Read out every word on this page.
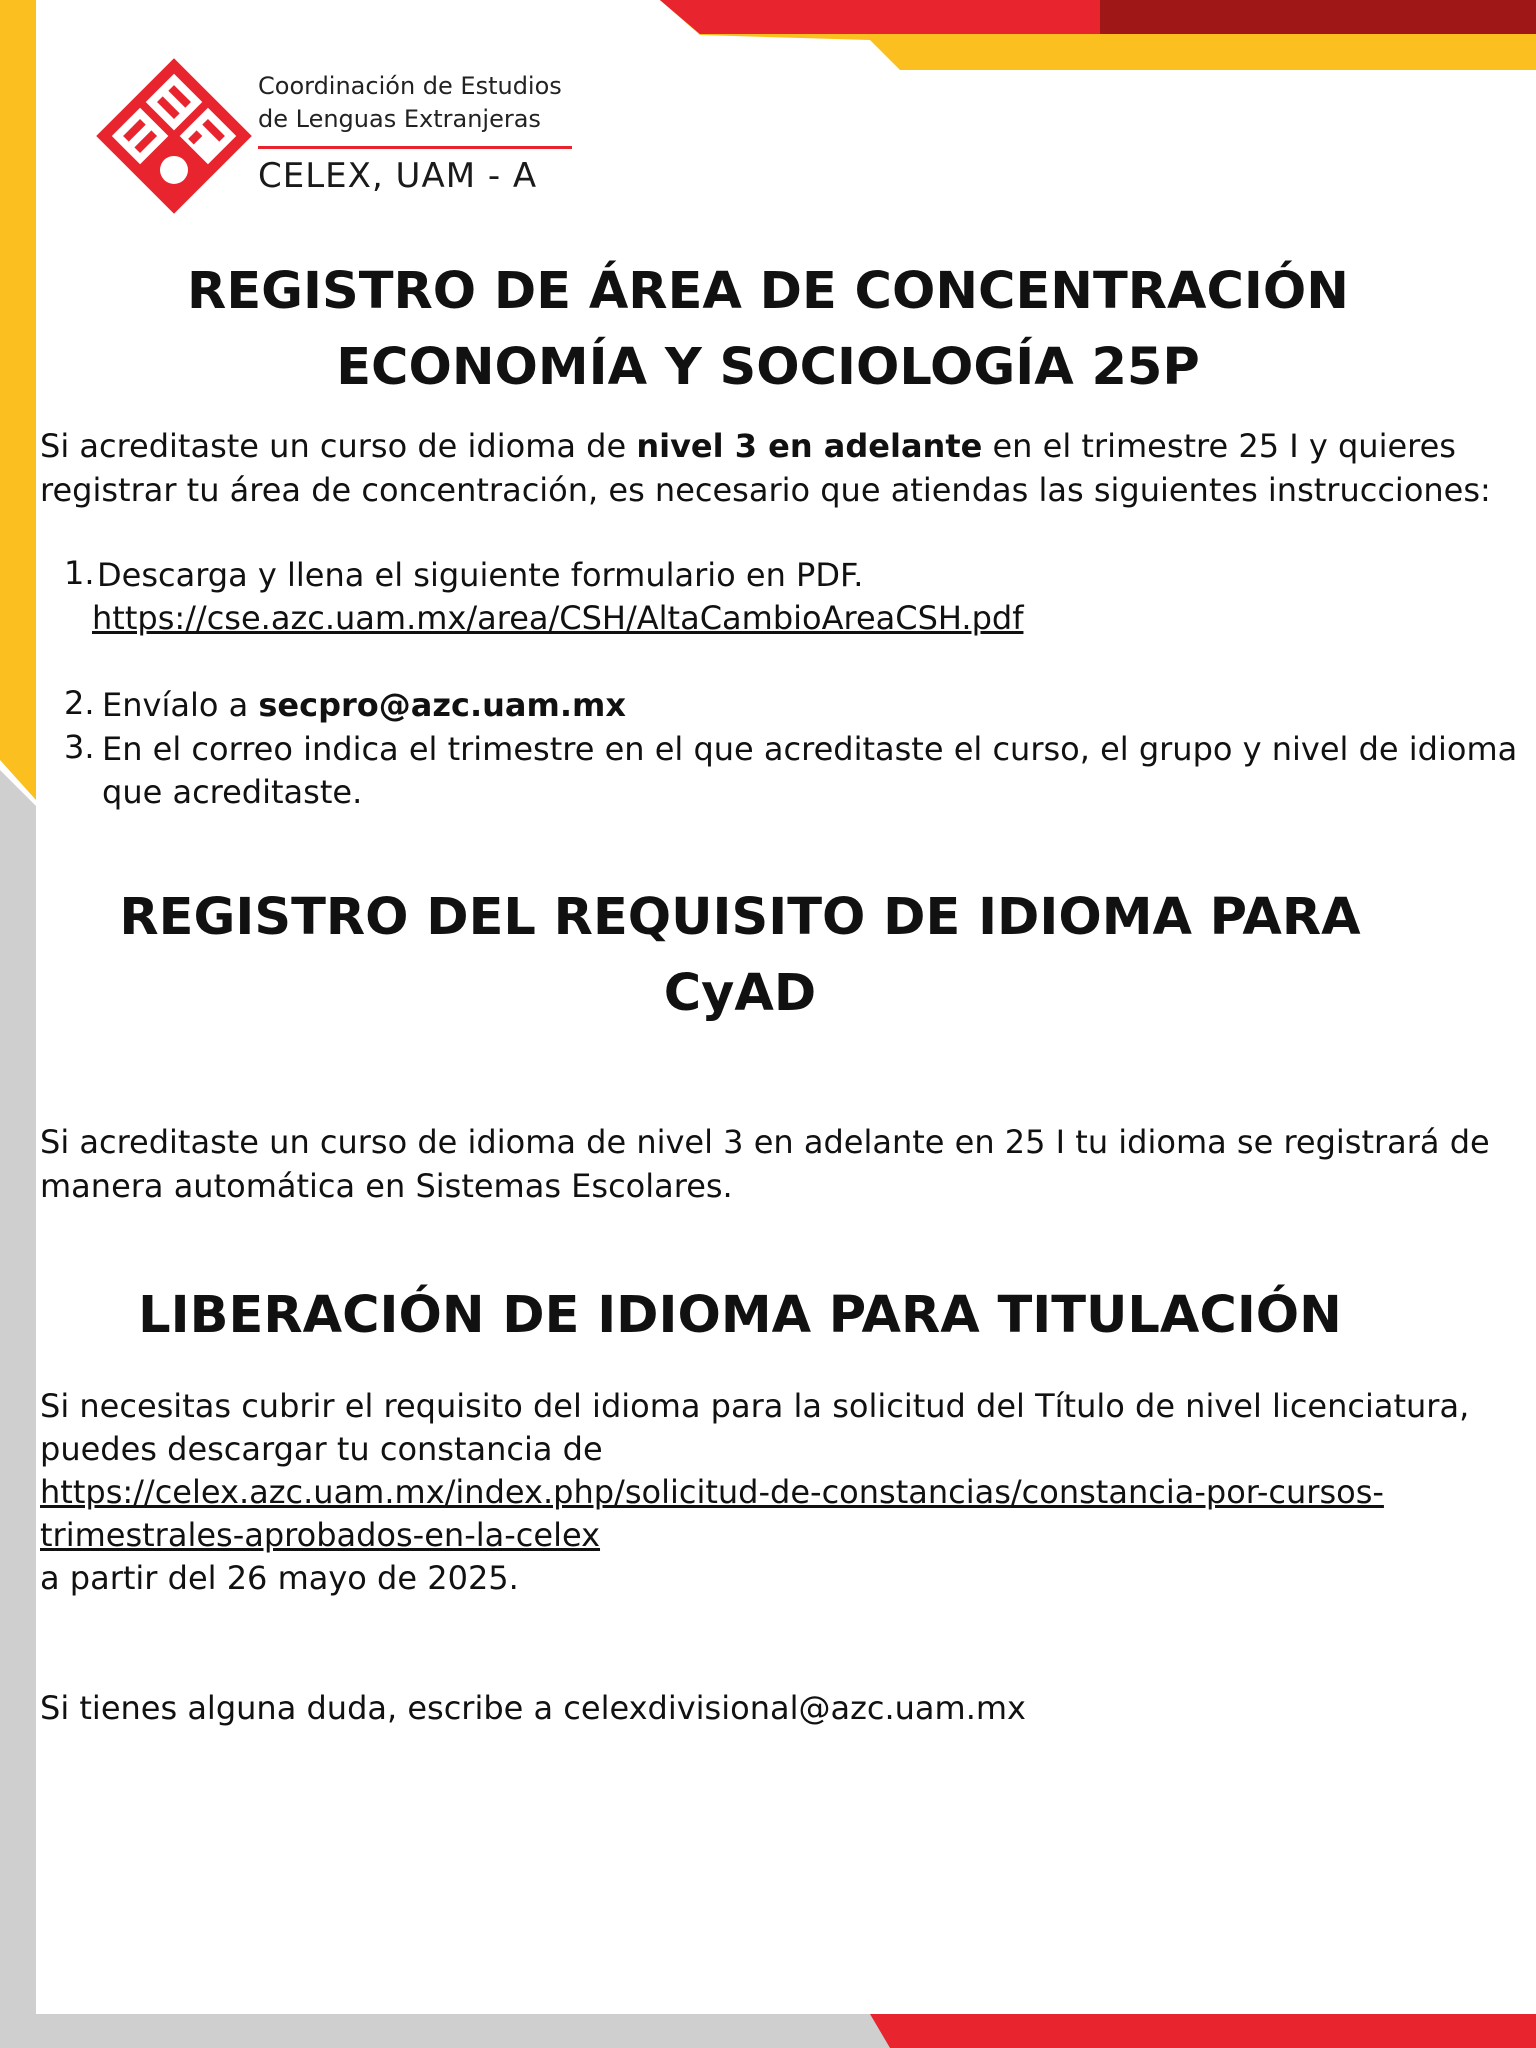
Coordinación de Estudios
de Lenguas Extranjeras
CELEX, UAM - A
REGISTRO DE ÁREA DE CONCENTRACIÓN
ECONOMÍA Y SOCIOLOGÍA 25P

Si acreditaste un curso de idioma de nivel 3 en adelante en el trimestre 25 I y quieres registrar tu área de concentración, es necesario que atiendas las siguientes instrucciones:

1. Descarga y llena el siguiente formulario en PDF.
https://cse.azc.uam.mx/area/CSH/AltaCambioAreaCSH.pdf
2. Envíalo a secpro@azc.uam.mx
3. En el correo indica el trimestre en el que acreditaste el curso, el grupo y nivel de idioma
que acreditaste.
REGISTRO DEL REQUISITO DE IDIOMA PARA
CyAD

Si acreditaste un curso de idioma de nivel 3 en adelante en 25 I tu idioma se registrará de manera automática en Sistemas Escolares.

LIBERACIÓN DE IDIOMA PARA TITULACIÓN
Si necesitas cubrir el requisito del idioma para la solicitud del Título de nivel licenciatura,
puedes descargar tu constancia de
https://celex.azc.uam.mx/index.php/solicitud-de-constancias/constancia-por-cursos-
trimestrales-aprobados-en-la-celex
a partir del 26 mayo de 2025.
Si tienes alguna duda, escribe a celexdivisional@azc.uam.mx
